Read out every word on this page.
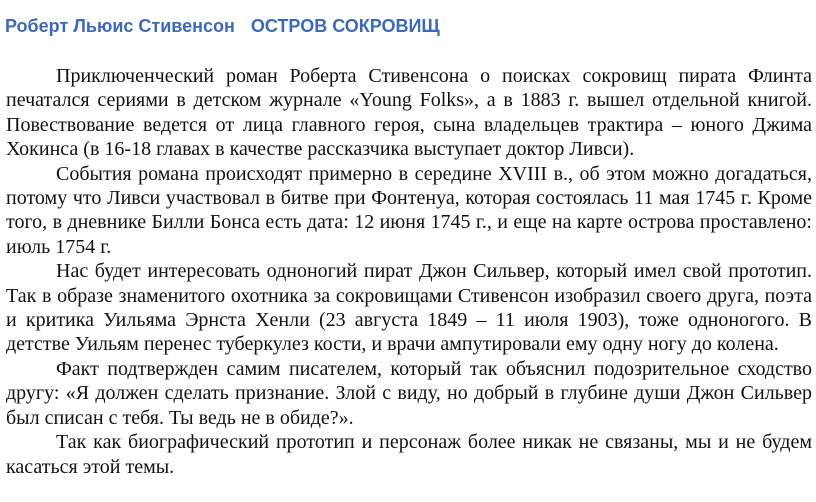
Роберт Льюис Стивенсон ОСТРОВ СОКРОВИЩ

Приключенческий роман Роберта Стивенсона о поисках сокровищ пирата Флинта печатался сериями в детском журнале «Young Folks», а в 1883 г. вышел отдельной книгой. Повествование ведется от лица главного героя, сына владельцев трактира – юного Джима Хокинса (в 16-18 главах в качестве рассказчика выступает доктор Ливси).

События романа происходят примерно в середине XVIII в., об этом можно догадаться, потому что Ливси участвовал в битве при Фонтенуа, которая состоялась 11 мая 1745 г. Кроме того, в дневнике Билли Бонса есть дата: 12 июня 1745 г., и еще на карте острова проставлено: июль 1754 г.

Нас будет интересовать одноногий пират Джон Сильвер, который имел свой прототип. Так в образе знаменитого охотника за сокровищами Стивенсон изобразил своего друга, поэта и критика Уильяма Эрнста Хенли (23 августа 1849 – 11 июля 1903), тоже одноногого. В детстве Уильям перенес туберкулез кости, и врачи ампутировали ему одну ногу до колена.

Факт подтвержден самим писателем, который так объяснил подозрительное сходство другу: «Я должен сделать признание. Злой с виду, но добрый в глубине души Джон Сильвер был списан с тебя. Ты ведь не в обиде?».

Так как биографический прототип и персонаж более никак не связаны, мы и не будем касаться этой темы.
